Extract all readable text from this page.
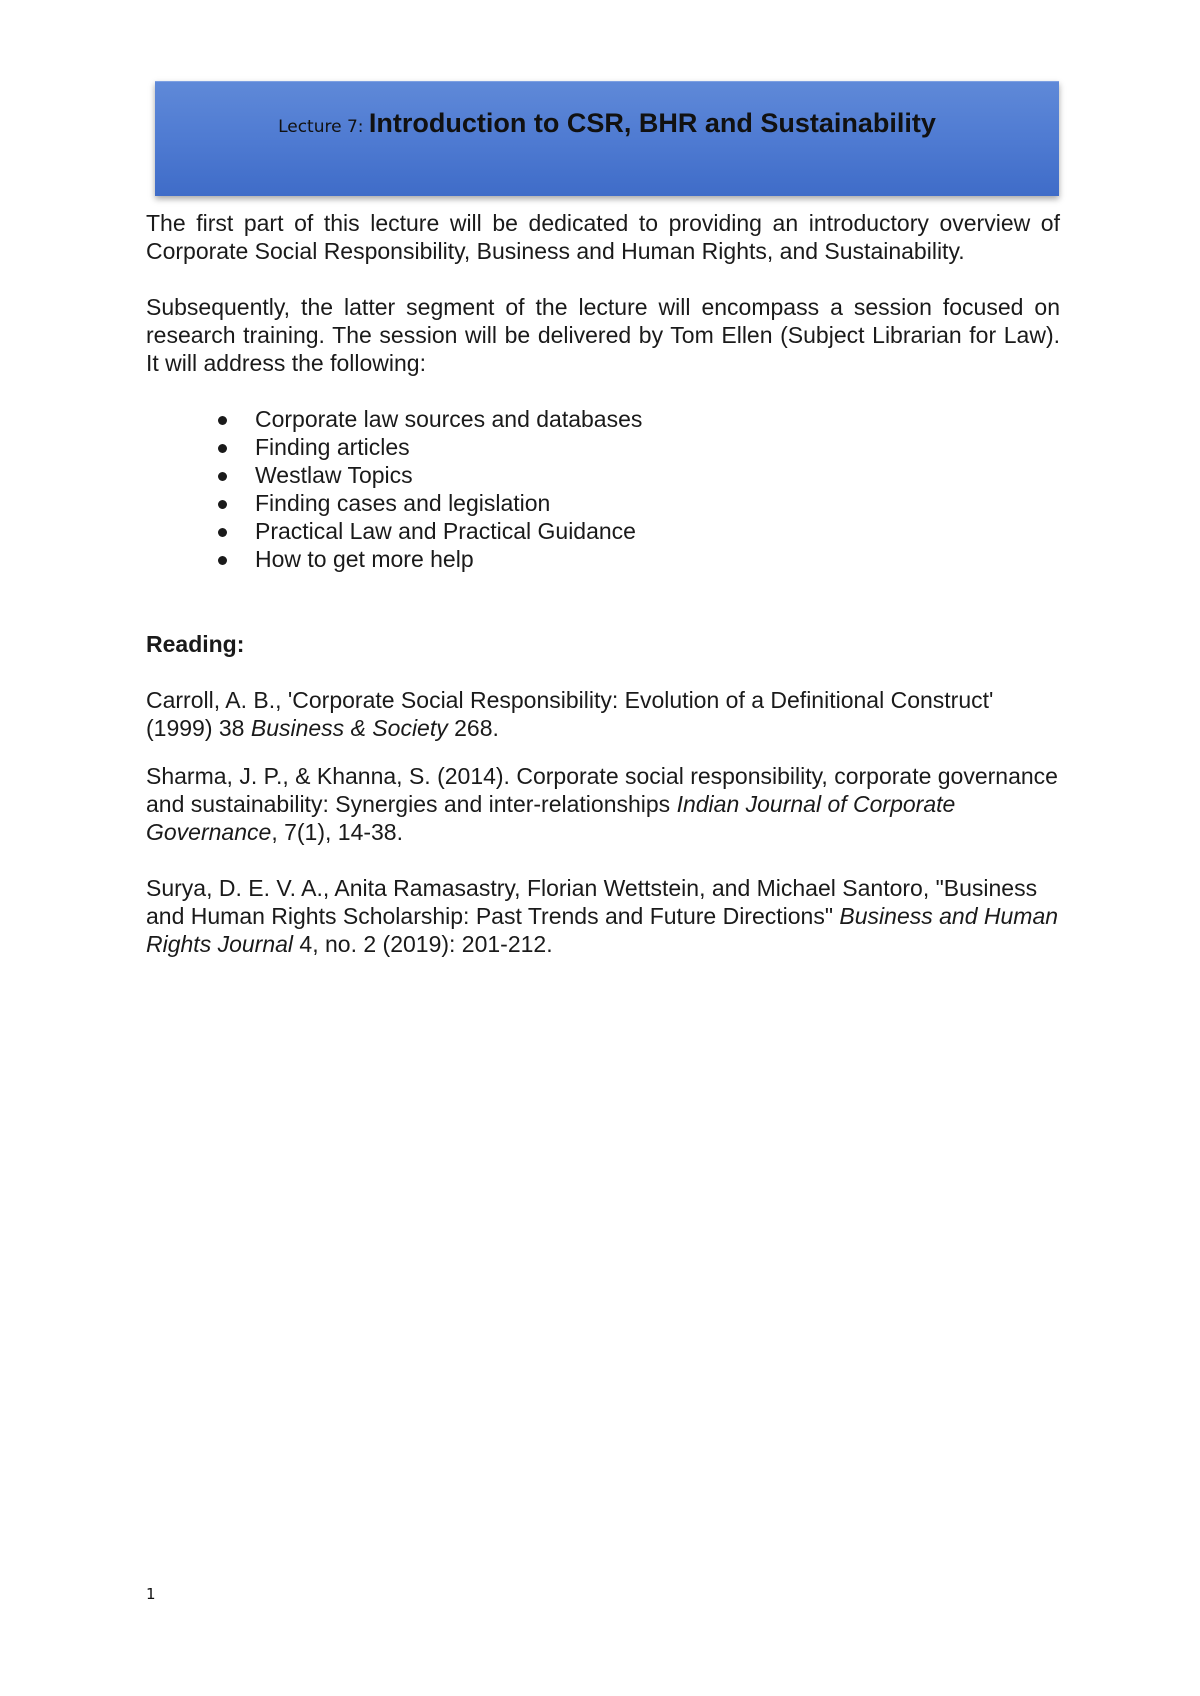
Lecture 7: Introduction to CSR, BHR and Sustainability

The first part of this lecture will be dedicated to providing an introductory overview of Corporate Social Responsibility, Business and Human Rights, and Sustainability.

Subsequently, the latter segment of the lecture will encompass a session focused on research training. The session will be delivered by Tom Ellen (Subject Librarian for Law). It will address the following:

Corporate law sources and databases
Finding articles
Westlaw Topics
Finding cases and legislation
Practical Law and Practical Guidance
How to get more help

Reading:

Carroll, A. B., 'Corporate Social Responsibility: Evolution of a Definitional Construct' (1999) 38 Business & Society 268.

Sharma, J. P., & Khanna, S. (2014). Corporate social responsibility, corporate governance and sustainability: Synergies and inter-relationships Indian Journal of Corporate Governance, 7(1), 14-38.

Surya, D. E. V. A., Anita Ramasastry, Florian Wettstein, and Michael Santoro, "Business and Human Rights Scholarship: Past Trends and Future Directions" Business and Human Rights Journal 4, no. 2 (2019): 201-212.

1
